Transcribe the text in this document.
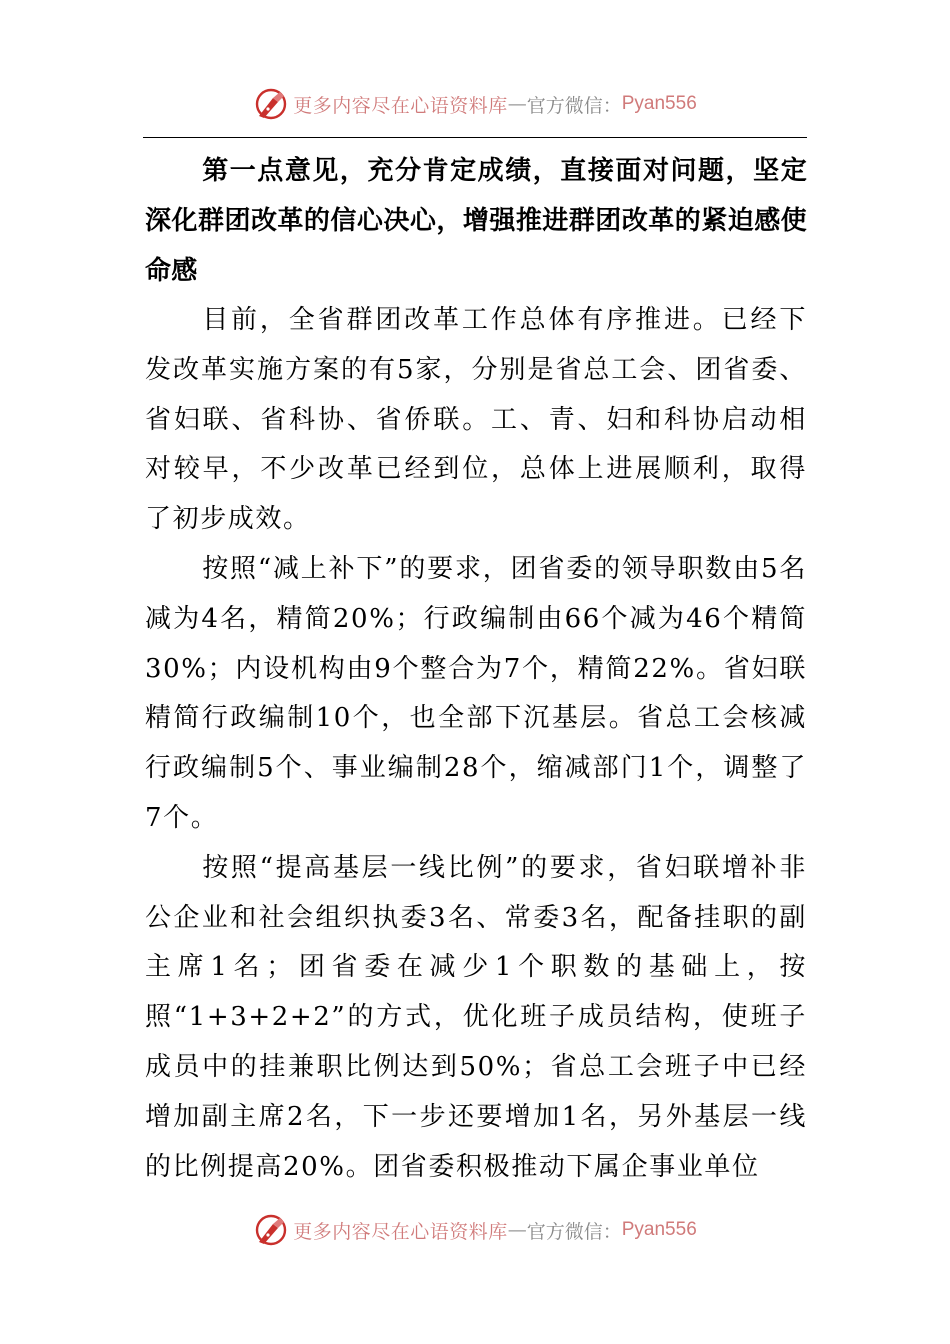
更多内容尽在心语资料库 — 官方微信： Pyan556

第一点意见，充分肯定成绩，直接面对问题，坚定深化群团改革的信心决心，增强推进群团改革的紧迫感使命感

目前，全省群团改革工作总体有序推进。已经下发改革实施方案的有5家，分别是省总工会、团省委、省妇联、省科协、省侨联。工、青、妇和科协启动相对较早，不少改革已经到位，总体上进展顺利，取得了初步成效。

按照“减上补下”的要求，团省委的领导职数由5名减为4名，精简20%；行政编制由66个减为46个精简30%；内设机构由9个整合为7个，精简22%。省妇联精简行政编制10个，也全部下沉基层。省总工会核减行政编制5个、事业编制28个，缩减部门1个，调整了7个。

按照“提高基层一线比例”的要求，省妇联增补非公企业和社会组织执委3名、常委3名，配备挂职的副主席1名；团省委在减少1个职数的基础上，按照“1+3+2+2”的方式，优化班子成员结构，使班子成员中的挂兼职比例达到50%；省总工会班子中已经增加副主席2名，下一步还要增加1名，另外基层一线的比例提高20%。团省委积极推动下属企事业单位

更多内容尽在心语资料库 — 官方微信： Pyan556
